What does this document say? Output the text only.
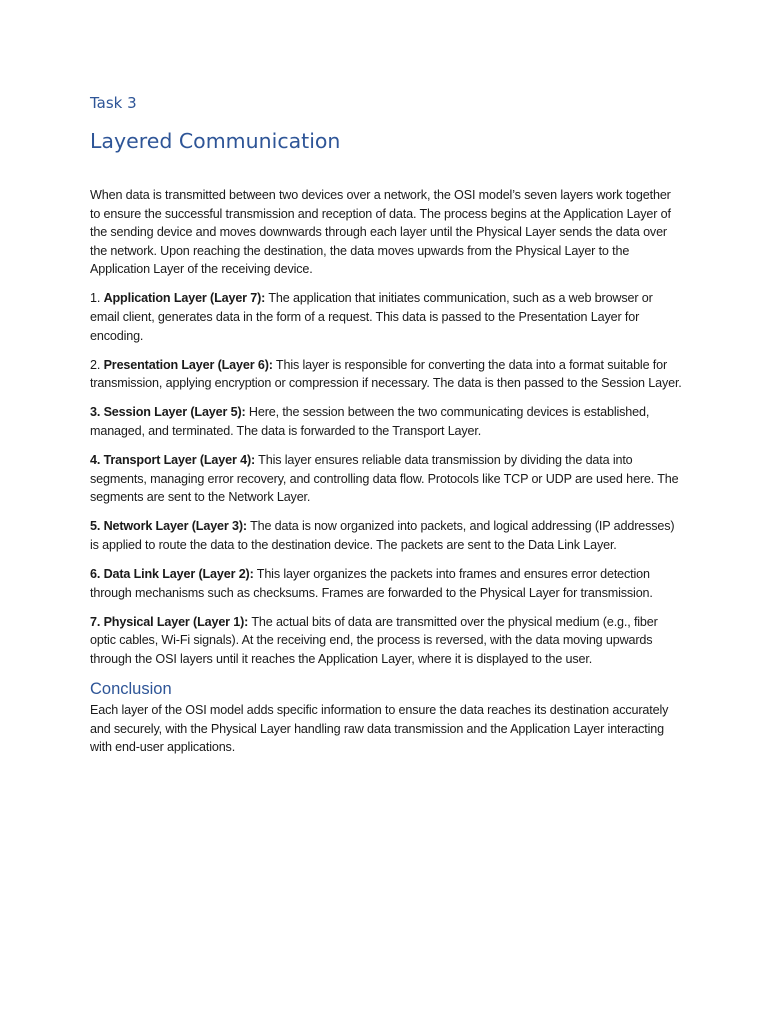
Task 3
Layered Communication

When data is transmitted between two devices over a network, the OSI model’s seven layers work together to ensure the successful transmission and reception of data. The process begins at the Application Layer of the sending device and moves downwards through each layer until the Physical Layer sends the data over the network. Upon reaching the destination, the data moves upwards from the Physical Layer to the Application Layer of the receiving device.

1. Application Layer (Layer 7): The application that initiates communication, such as a web browser or email client, generates data in the form of a request. This data is passed to the Presentation Layer for encoding.

2. Presentation Layer (Layer 6): This layer is responsible for converting the data into a format suitable for transmission, applying encryption or compression if necessary. The data is then passed to the Session Layer.

3. Session Layer (Layer 5): Here, the session between the two communicating devices is established, managed, and terminated. The data is forwarded to the Transport Layer.

4. Transport Layer (Layer 4): This layer ensures reliable data transmission by dividing the data into segments, managing error recovery, and controlling data flow. Protocols like TCP or UDP are used here. The segments are sent to the Network Layer.

5. Network Layer (Layer 3): The data is now organized into packets, and logical addressing (IP addresses) is applied to route the data to the destination device. The packets are sent to the Data Link Layer.

6. Data Link Layer (Layer 2): This layer organizes the packets into frames and ensures error detection through mechanisms such as checksums. Frames are forwarded to the Physical Layer for transmission.

7. Physical Layer (Layer 1): The actual bits of data are transmitted over the physical medium (e.g., fiber optic cables, Wi-Fi signals). At the receiving end, the process is reversed, with the data moving upwards through the OSI layers until it reaches the Application Layer, where it is displayed to the user.

Conclusion

Each layer of the OSI model adds specific information to ensure the data reaches its destination accurately and securely, with the Physical Layer handling raw data transmission and the Application Layer interacting with end-user applications.
